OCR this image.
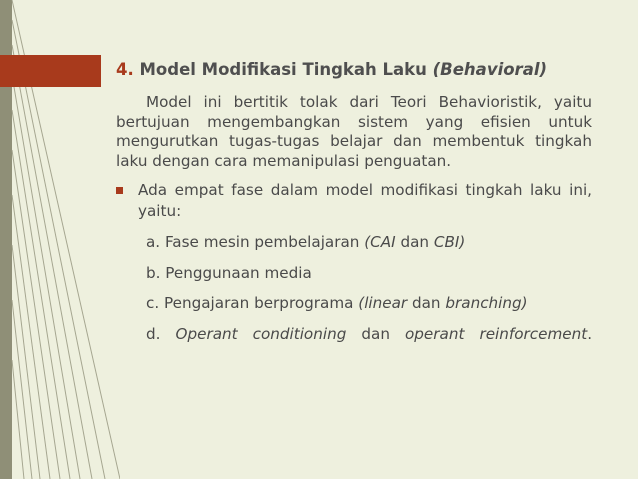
4. Model Modifikasi Tingkah Laku (Behavioral)
Model ini bertitik tolak dari Teori Behavioristik, yaitu bertujuan mengembangkan sistem yang efisien untuk mengurutkan tugas-tugas belajar dan membentuk tingkah laku dengan cara memanipulasi penguatan.
Ada empat fase dalam model modifikasi tingkah laku ini, yaitu:
a. Fase mesin pembelajaran (CAI dan CBI)
b. Penggunaan media
c. Pengajaran berprograma (linear dan branching)
d. Operant conditioning dan operant reinforcement.
